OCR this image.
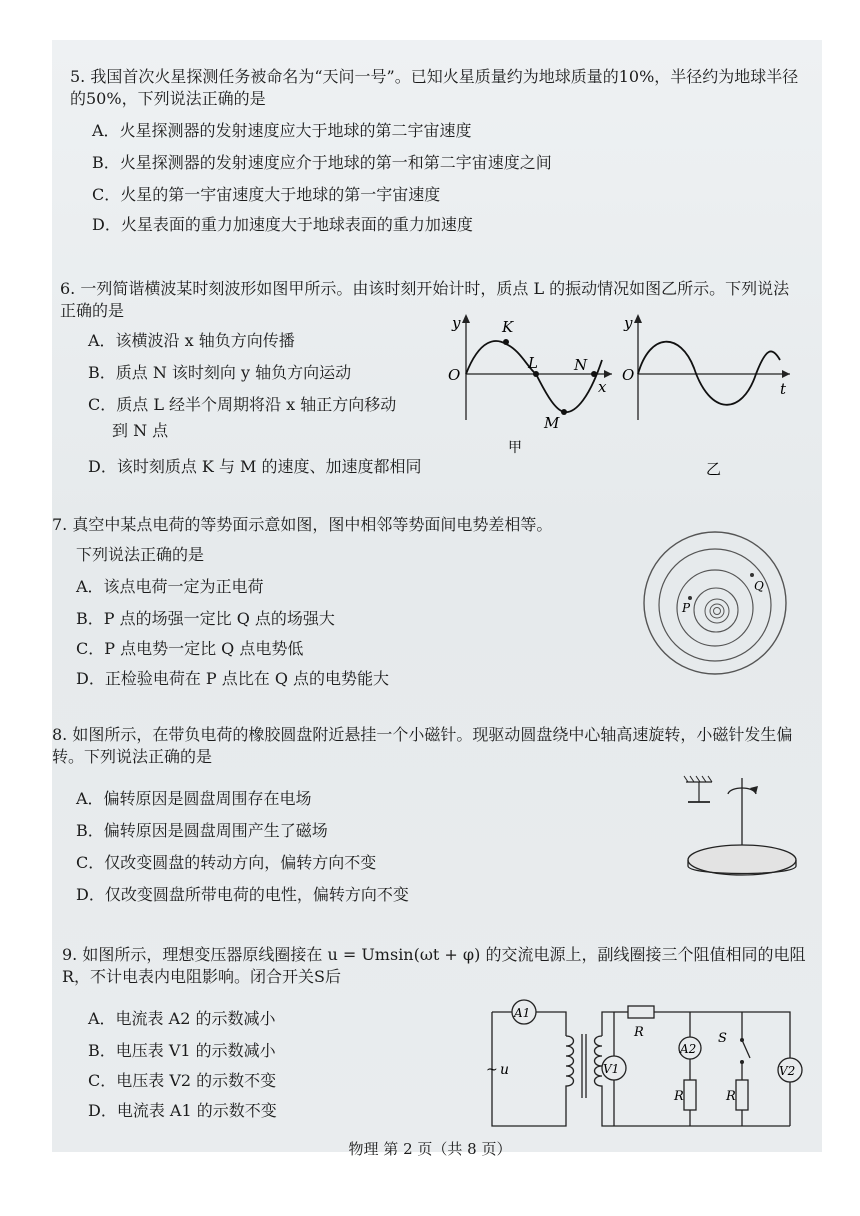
5. 我国首次火星探测任务被命名为“天问一号”。已知火星质量约为地球质量的10%，半径约为地球半径的50%，下列说法正确的是
A．火星探测器的发射速度应大于地球的第二宇宙速度
B．火星探测器的发射速度应介于地球的第一和第二宇宙速度之间
C．火星的第一宇宙速度大于地球的第一宇宙速度
D．火星表面的重力加速度大于地球表面的重力加速度
6. 一列简谐横波某时刻波形如图甲所示。由该时刻开始计时，质点 L 的振动情况如图乙所示。下列说法正确的是
A．该横波沿 x 轴负方向传播
B．质点 N 该时刻向 y 轴负方向运动
C．质点 L 经半个周期将沿 x 轴正方向移动
到 N 点
D．该时刻质点 K 与 M 的速度、加速度都相同
y
O
x
K
L N
M
甲
y
O
t
乙
7. 真空中某点电荷的等势面示意如图，图中相邻等势面间电势差相等。
下列说法正确的是
A．该点电荷一定为正电荷
B．P 点的场强一定比 Q 点的场强大
C．P 点电势一定比 Q 点电势低
D．正检验电荷在 P 点比在 Q 点的电势能大
P
Q
8. 如图所示，在带负电荷的橡胶圆盘附近悬挂一个小磁针。现驱动圆盘绕中心轴高速旋转，小磁针发生偏转。下列说法正确的是
A．偏转原因是圆盘周围存在电场
B．偏转原因是圆盘周围产生了磁场
C．仅改变圆盘的转动方向，偏转方向不变
D．仅改变圆盘所带电荷的电性，偏转方向不变
9. 如图所示，理想变压器原线圈接在 u = Umsin(ωt + φ) 的交流电源上，副线圈接三个阻值相同的电阻 R，不计电表内电阻影响。闭合开关S后
A．电流表 A2 的示数减小
B．电压表 V1 的示数减小
C．电压表 V2 的示数不变
D．电流表 A1 的示数不变
A1
V1
A2
V2
R
R	R
S
~ u
物理 第 2 页（共 8 页）
